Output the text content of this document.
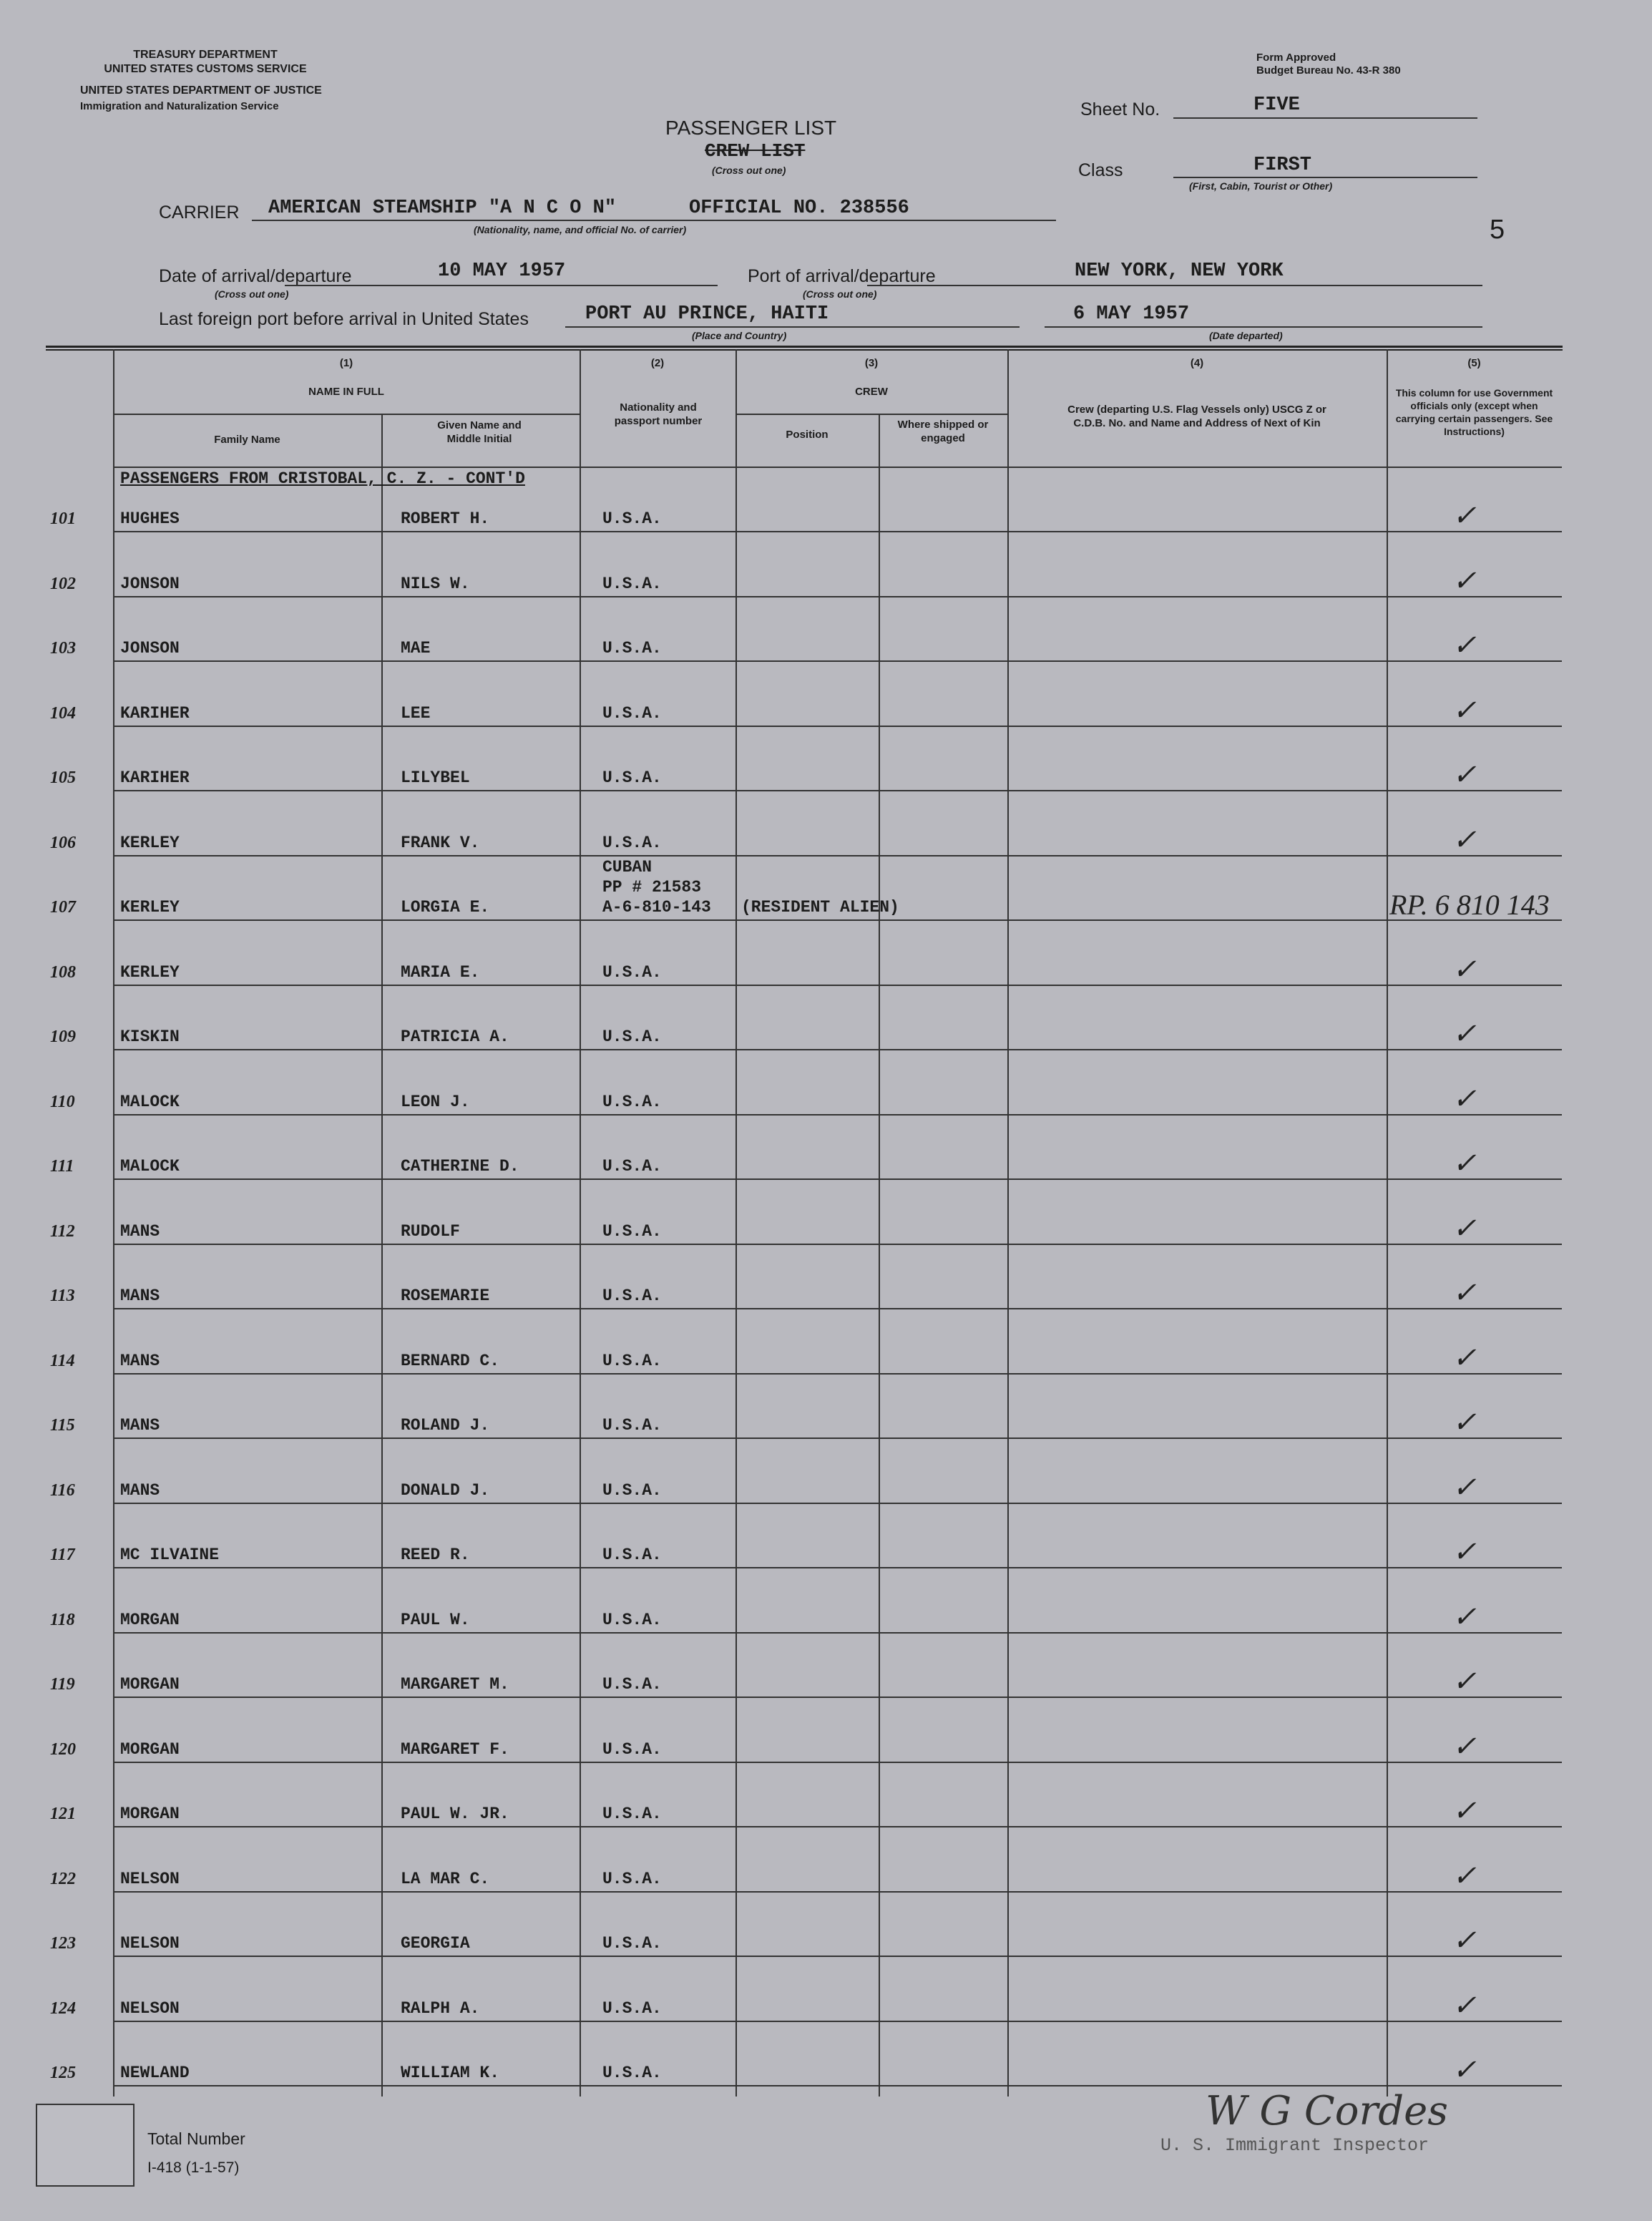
TREASURY DEPARTMENT
UNITED STATES CUSTOMS SERVICE
UNITED STATES DEPARTMENT OF JUSTICE
Immigration and Naturalization Service
Form Approved
Budget Bureau No. 43-R 380
PASSENGER LIST
CREW LIST
(Cross out one)
Sheet No.	FIVE
Class	FIRST
(First, Cabin, Tourist or Other)
5
CARRIER AMERICAN STEAMSHIP "A N C O N"	OFFICIAL NO. 238556
(Nationality, name, and official No. of carrier)
Date of arrival/departure	10 MAY 1957
(Cross out one)
Port of arrival/departure	NEW YORK, NEW YORK
(Cross out one)
Last foreign port before arrival in United States	PORT AU PRINCE, HAITI
(Place and Country)
6 MAY 1957
(Date departed)
(1)
NAME IN FULL
Family Name
Given Name and Middle Initial
(2)
Nationality and passport number
(3)
CREW
Position
Where shipped or engaged
(4)
Crew (departing U.S. Flag Vessels only) USCG Z or C.D.B. No. and Name and Address of Next of Kin
(5)
This column for use Government officials only (except when carrying certain passengers. See Instructions)
PASSENGERS FROM CRISTOBAL, C. Z. - CONT'D
101	HUGHES	ROBERT H.	U.S.A.	✓
102	JONSON	NILS W.	U.S.A.	✓
103	JONSON	MAE	U.S.A.	✓
104	KARIHER	LEE	U.S.A.	✓
105	KARIHER	LILYBEL	U.S.A.	✓
106	KERLEY	FRANK V.	U.S.A.	✓
107	KERLEY	LORGIA E.	A-6-810-143
CUBAN
PP # 21583
(RESIDENT ALIEN)	RP. 6 810 143
108	KERLEY	MARIA E.	U.S.A.	✓
109	KISKIN	PATRICIA A.	U.S.A.	✓
110	MALOCK	LEON J.	U.S.A.	✓
111	MALOCK	CATHERINE D.	U.S.A.	✓
112	MANS	RUDOLF	U.S.A.	✓
113	MANS	ROSEMARIE	U.S.A.	✓
114	MANS	BERNARD C.	U.S.A.	✓
115	MANS	ROLAND J.	U.S.A.	✓
116	MANS	DONALD J.	U.S.A.	✓
117	MC ILVAINE	REED R.	U.S.A.	✓
118	MORGAN	PAUL W.	U.S.A.	✓
119	MORGAN	MARGARET M.	U.S.A.	✓
120	MORGAN	MARGARET F.	U.S.A.	✓
121	MORGAN	PAUL W. JR.	U.S.A.	✓
122	NELSON	LA MAR C.	U.S.A.	✓
123	NELSON	GEORGIA	U.S.A.	✓
124	NELSON	RALPH A.	U.S.A.	✓
125	NEWLAND	WILLIAM K.	U.S.A.	✓
Total Number
I-418 (1-1-57)
W G Cordes
U. S. Immigrant Inspector
